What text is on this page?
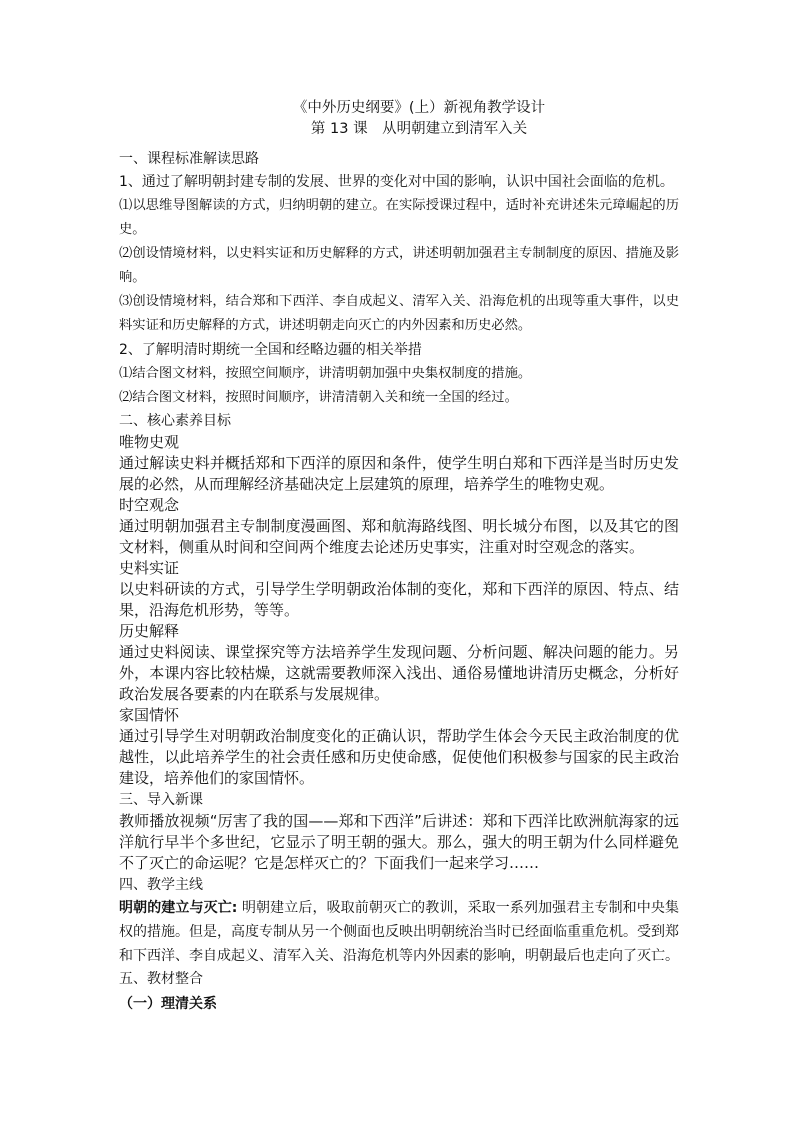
《中外历史纲要》(上）新视角教学设计

第 13 课　从明朝建立到清军入关

一、课程标准解读思路

1、通过了解明朝封建专制的发展、世界的变化对中国的影响，认识中国社会面临的危机。

⑴以思维导图解读的方式，归纳明朝的建立。在实际授课过程中，适时补充讲述朱元璋崛起的历史。

⑵创设情境材料，以史料实证和历史解释的方式，讲述明朝加强君主专制制度的原因、措施及影响。

⑶创设情境材料，结合郑和下西洋、李自成起义、清军入关、沿海危机的出现等重大事件，以史料实证和历史解释的方式，讲述明朝走向灭亡的内外因素和历史必然。

2、了解明清时期统一全国和经略边疆的相关举措

⑴结合图文材料，按照空间顺序，讲清明朝加强中央集权制度的措施。

⑵结合图文材料，按照时间顺序，讲清清朝入关和统一全国的经过。

二、核心素养目标

唯物史观

通过解读史料并概括郑和下西洋的原因和条件，使学生明白郑和下西洋是当时历史发展的必然，从而理解经济基础决定上层建筑的原理，培养学生的唯物史观。

时空观念

通过明朝加强君主专制制度漫画图、郑和航海路线图、明长城分布图，以及其它的图文材料，侧重从时间和空间两个维度去论述历史事实，注重对时空观念的落实。

史料实证

以史料研读的方式，引导学生学明朝政治体制的变化，郑和下西洋的原因、特点、结果，沿海危机形势，等等。

历史解释

通过史料阅读、课堂探究等方法培养学生发现问题、分析问题、解决问题的能力。另外，本课内容比较枯燥，这就需要教师深入浅出、通俗易懂地讲清历史概念，分析好政治发展各要素的内在联系与发展规律。

家国情怀

通过引导学生对明朝政治制度变化的正确认识，帮助学生体会今天民主政治制度的优越性，以此培养学生的社会责任感和历史使命感，促使他们积极参与国家的民主政治建设，培养他们的家国情怀。

三、导入新课

教师播放视频“厉害了我的国——郑和下西洋”后讲述：郑和下西洋比欧洲航海家的远洋航行早半个多世纪，它显示了明王朝的强大。那么，强大的明王朝为什么同样避免不了灭亡的命运呢？它是怎样灭亡的？下面我们一起来学习……

四、教学主线

明朝的建立与灭亡: 明朝建立后，吸取前朝灭亡的教训，采取一系列加强君主专制和中央集权的措施。但是，高度专制从另一个侧面也反映出明朝统治当时已经面临重重危机。受到郑和下西洋、李自成起义、清军入关、沿海危机等内外因素的影响，明朝最后也走向了灭亡。

五、教材整合

（一）理清关系
